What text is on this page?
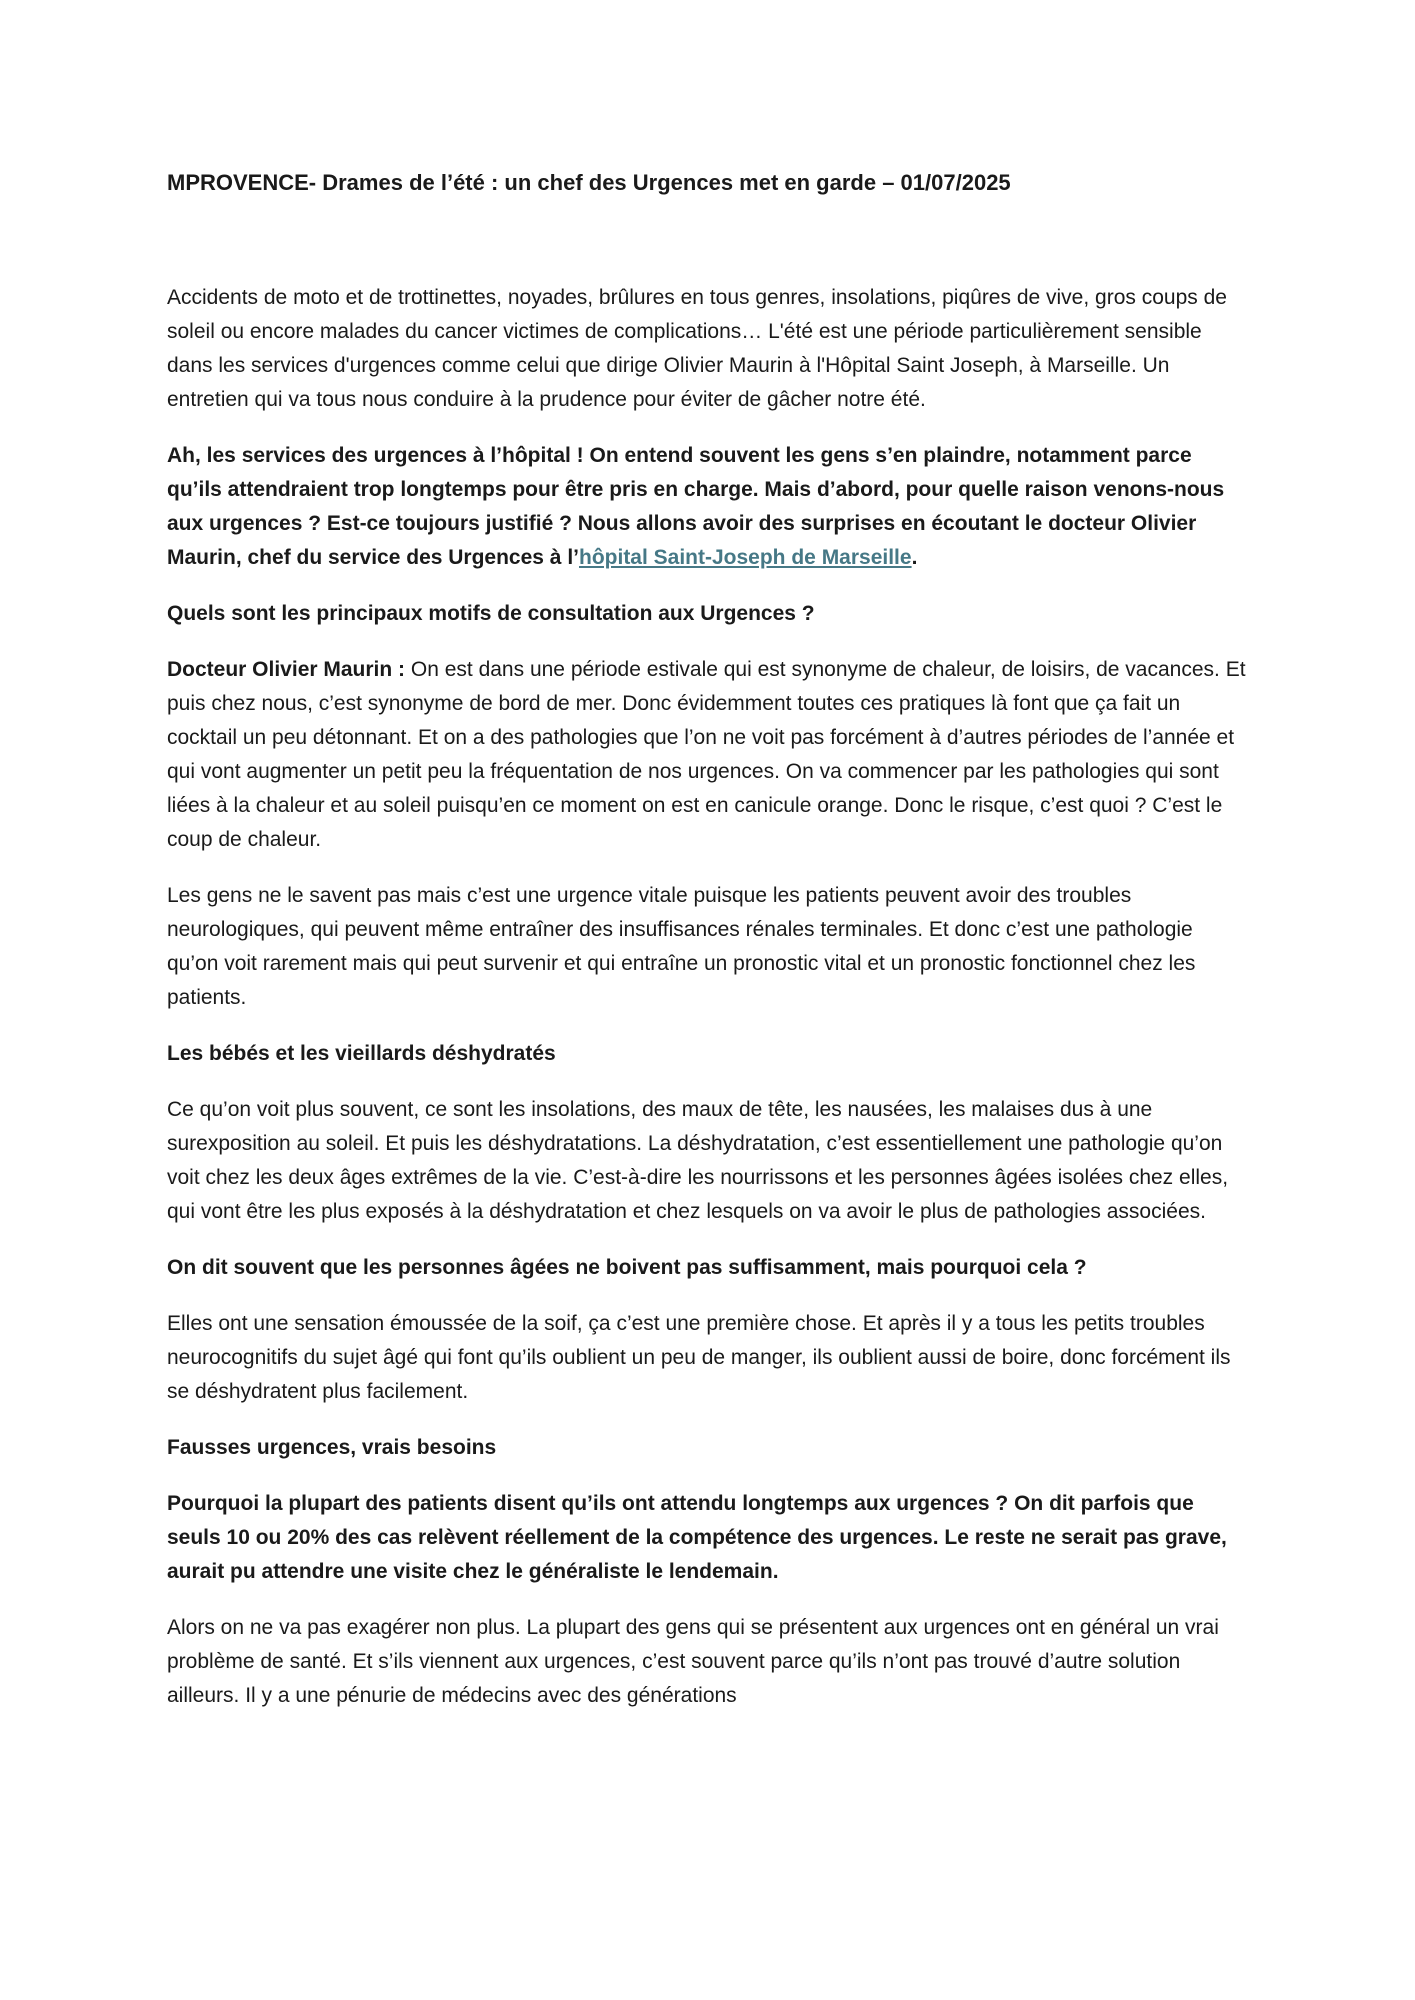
MPROVENCE- Drames de l’été : un chef des Urgences met en garde – 01/07/2025

Accidents de moto et de trottinettes, noyades, brûlures en tous genres, insolations, piqûres de vive, gros coups de soleil ou encore malades du cancer victimes de complications… L'été est une période particulièrement sensible dans les services d'urgences comme celui que dirige Olivier Maurin à l'Hôpital Saint Joseph, à Marseille. Un entretien qui va tous nous conduire à la prudence pour éviter de gâcher notre été.

Ah, les services des urgences à l’hôpital ! On entend souvent les gens s’en plaindre, notamment parce qu’ils attendraient trop longtemps pour être pris en charge. Mais d’abord, pour quelle raison venons-nous aux urgences ? Est-ce toujours justifié ? Nous allons avoir des surprises en écoutant le docteur Olivier Maurin, chef du service des Urgences à l’hôpital Saint-Joseph de Marseille.

Quels sont les principaux motifs de consultation aux Urgences ?

Docteur Olivier Maurin : On est dans une période estivale qui est synonyme de chaleur, de loisirs, de vacances. Et puis chez nous, c’est synonyme de bord de mer. Donc évidemment toutes ces pratiques là font que ça fait un cocktail un peu détonnant. Et on a des pathologies que l’on ne voit pas forcément à d’autres périodes de l’année et qui vont augmenter un petit peu la fréquentation de nos urgences. On va commencer par les pathologies qui sont liées à la chaleur et au soleil puisqu’en ce moment on est en canicule orange. Donc le risque, c’est quoi ? C’est le coup de chaleur.

Les gens ne le savent pas mais c’est une urgence vitale puisque les patients peuvent avoir des troubles neurologiques, qui peuvent même entraîner des insuffisances rénales terminales. Et donc c’est une pathologie qu’on voit rarement mais qui peut survenir et qui entraîne un pronostic vital et un pronostic fonctionnel chez les patients.

Les bébés et les vieillards déshydratés

Ce qu’on voit plus souvent, ce sont les insolations, des maux de tête, les nausées, les malaises dus à une surexposition au soleil. Et puis les déshydratations. La déshydratation, c’est essentiellement une pathologie qu’on voit chez les deux âges extrêmes de la vie. C’est-à-dire les nourrissons et les personnes âgées isolées chez elles, qui vont être les plus exposés à la déshydratation et chez lesquels on va avoir le plus de pathologies associées.

On dit souvent que les personnes âgées ne boivent pas suffisamment, mais pourquoi cela ?

Elles ont une sensation émoussée de la soif, ça c’est une première chose. Et après il y a tous les petits troubles neurocognitifs du sujet âgé qui font qu’ils oublient un peu de manger, ils oublient aussi de boire, donc forcément ils se déshydratent plus facilement.

Fausses urgences, vrais besoins

Pourquoi la plupart des patients disent qu’ils ont attendu longtemps aux urgences ? On dit parfois que seuls 10 ou 20% des cas relèvent réellement de la compétence des urgences. Le reste ne serait pas grave, aurait pu attendre une visite chez le généraliste le lendemain.

Alors on ne va pas exagérer non plus. La plupart des gens qui se présentent aux urgences ont en général un vrai problème de santé. Et s’ils viennent aux urgences, c’est souvent parce qu’ils n’ont pas trouvé d’autre solution ailleurs. Il y a une pénurie de médecins avec des générations
